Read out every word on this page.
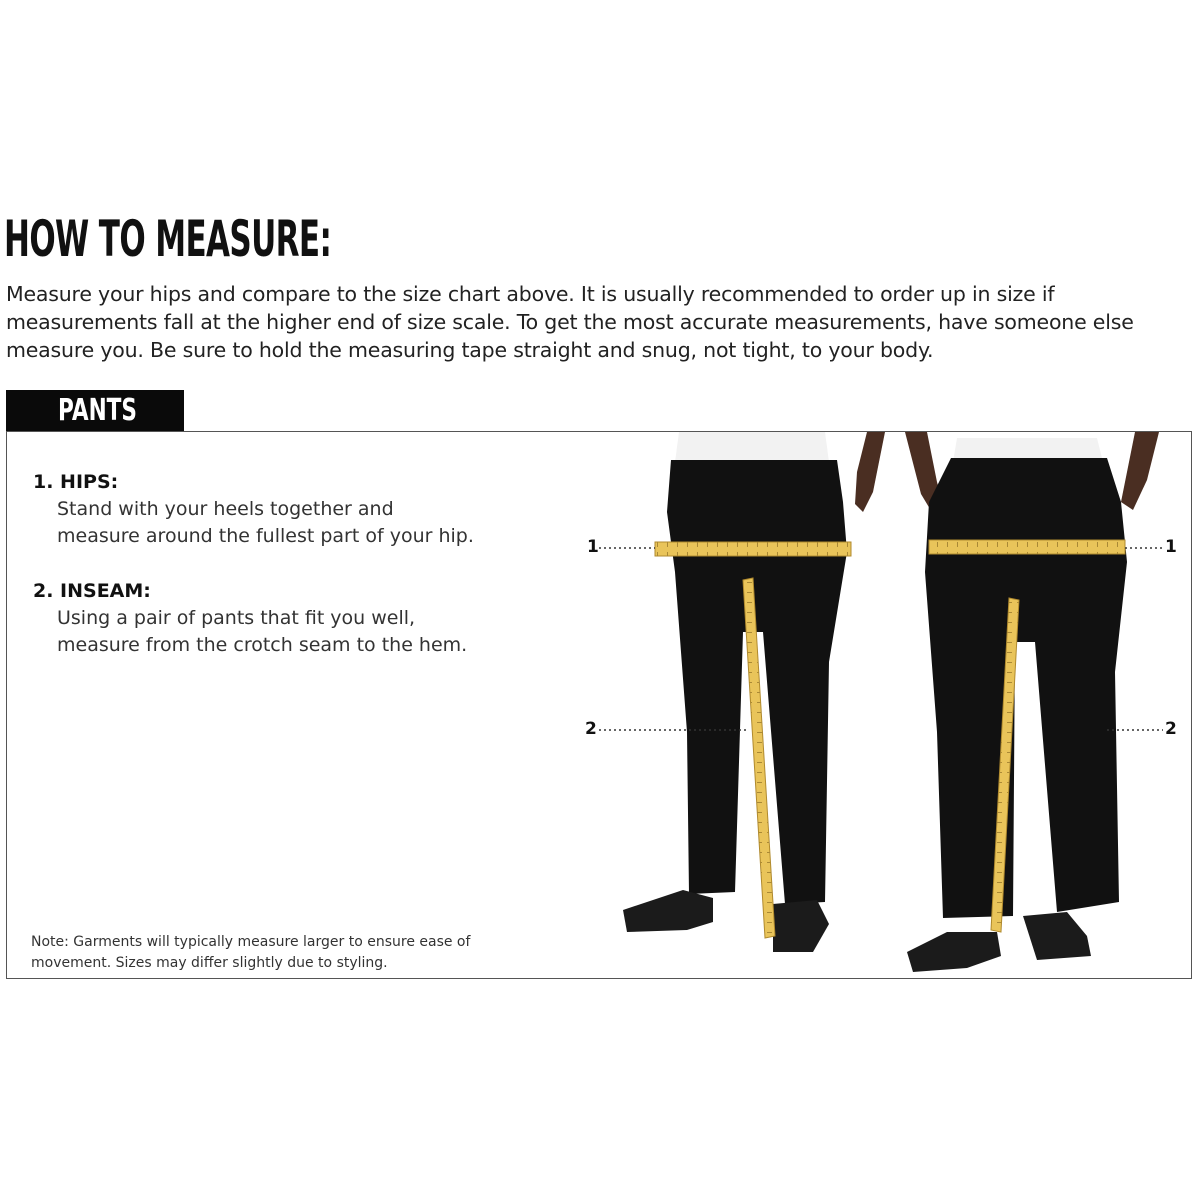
HOW TO MEASURE:
Measure your hips and compare to the size chart above. It is usually recommended to order up in size if measurements fall at the higher end of size scale. To get the most accurate measurements, have someone else measure you. Be sure to hold the measuring tape straight and snug, not tight, to your body.
PANTS
1. HIPS:
Stand with your heels together and
measure around the fullest part of your hip.
2. INSEAM:
Using a pair of pants that fit you well,
measure from the crotch seam to the hem.
Note: Garments will typically measure larger to ensure ease of movement. Sizes may differ slightly due to styling.
1	1
2	2
